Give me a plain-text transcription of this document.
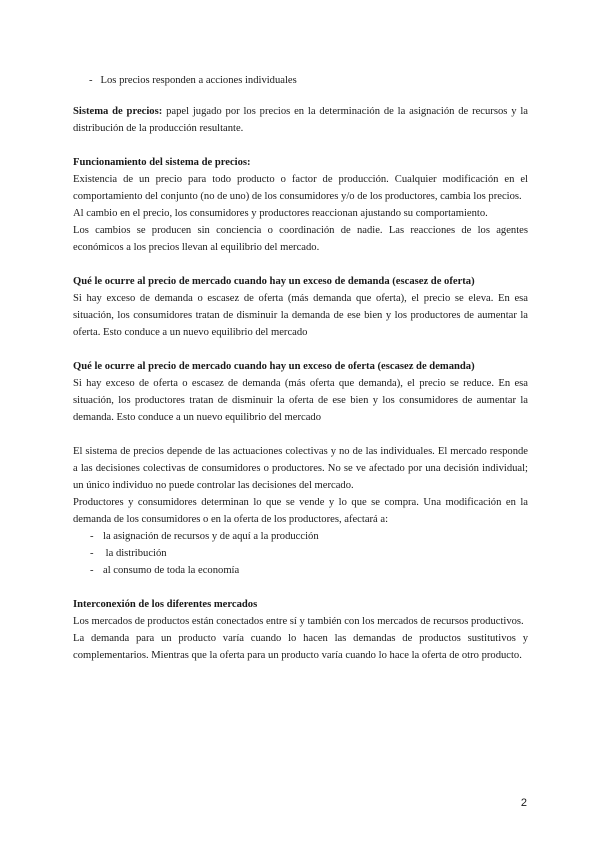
- Los precios responden a acciones individuales

Sistema de precios: papel jugado por los precios en la determinación de la asignación de recursos y la distribución de la producción resultante.

Funcionamiento del sistema de precios:

Existencia de un precio para todo producto o factor de producción. Cualquier modificación en el comportamiento del conjunto (no de uno) de los consumidores y/o de los productores, cambia los precios.

Al cambio en el precio, los consumidores y productores reaccionan ajustando su comportamiento.

Los cambios se producen sin conciencia o coordinación de nadie. Las reacciones de los agentes económicos a los precios llevan al equilibrio del mercado.

Qué le ocurre al precio de mercado cuando hay un exceso de demanda (escasez de oferta)

Si hay exceso de demanda o escasez de oferta (más demanda que oferta), el precio se eleva. En esa situación, los consumidores tratan de disminuir la demanda de ese bien y los productores de aumentar la oferta. Esto conduce a un nuevo equilibrio del mercado

Qué le ocurre al precio de mercado cuando hay un exceso de oferta (escasez de demanda)

Si hay exceso de oferta o escasez de demanda (más oferta que demanda), el precio se reduce. En esa situación, los productores tratan de disminuir la oferta de ese bien y los consumidores de aumentar la demanda. Esto conduce a un nuevo equilibrio del mercado

El sistema de precios depende de las actuaciones colectivas y no de las individuales. El mercado responde a las decisiones colectivas de consumidores o productores. No se ve afectado por una decisión individual; un único individuo no puede controlar las decisiones del mercado.

Productores y consumidores determinan lo que se vende y lo que se compra. Una modificación en la demanda de los consumidores o en la oferta de los productores, afectará a:

- la asignación de recursos y de aquí a la producción
- la distribución
- al consumo de toda la economía

Interconexión de los diferentes mercados

Los mercados de productos están conectados entre sí y también con los mercados de recursos productivos.

La demanda para un producto varía cuando lo hacen las demandas de productos sustitutivos y complementarios. Mientras que la oferta para un producto varía cuando lo hace la oferta de otro producto.

2
